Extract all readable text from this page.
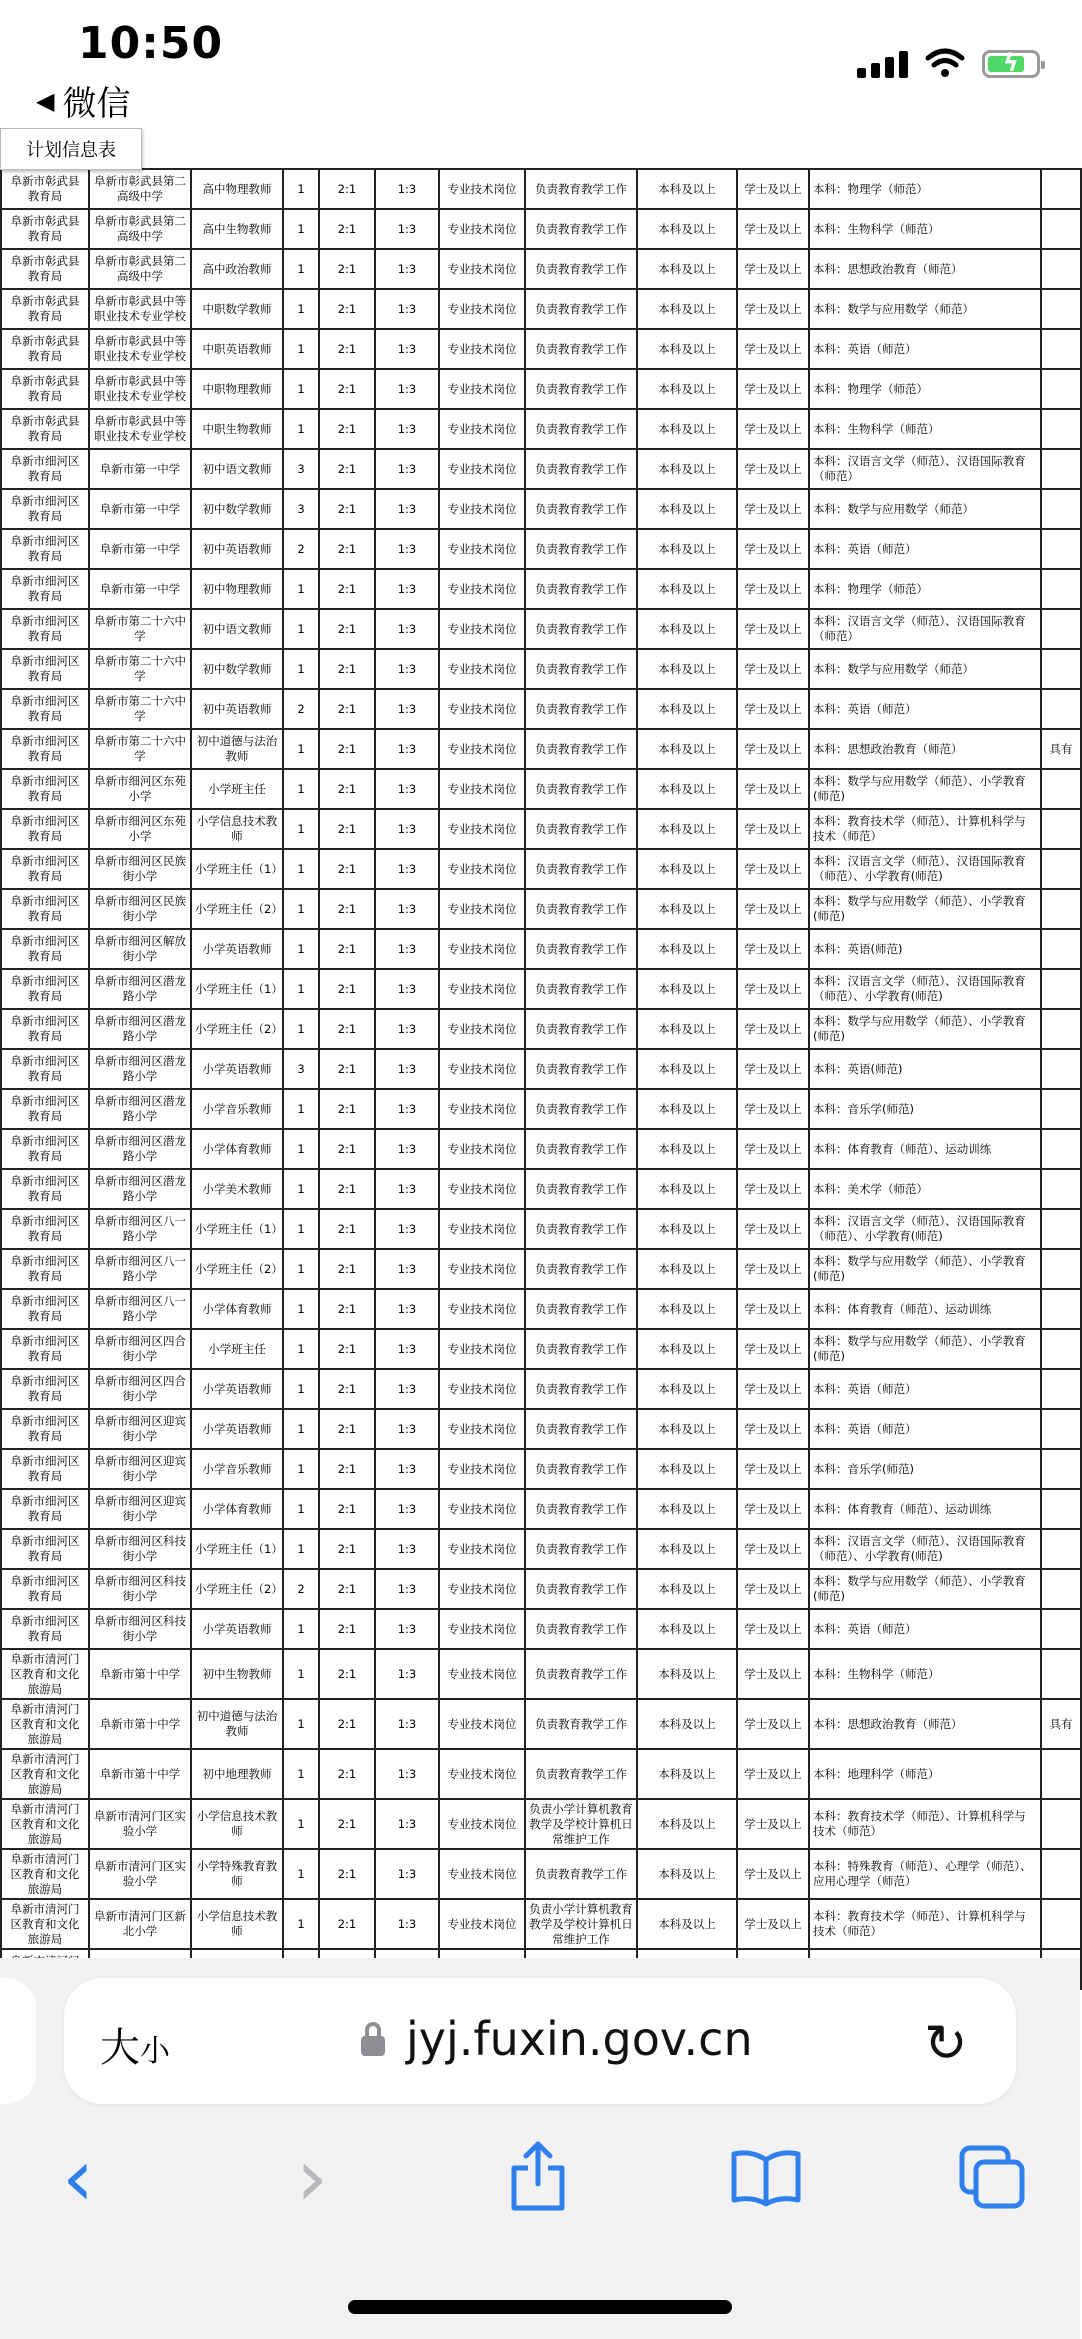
10:50
◀ 微信
ϟ
计划信息表
	阜新市彰武县教育局	阜新市彰武县第二高级中学	高中物理教师	1	2:1	1:3	专业技术岗位	负责教育教学工作	本科及以上	学士及以上	本科：物理学（师范）	
	阜新市彰武县教育局	阜新市彰武县第二高级中学	高中生物教师	1	2:1	1:3	专业技术岗位	负责教育教学工作	本科及以上	学士及以上	本科：生物科学（师范）	
	阜新市彰武县教育局	阜新市彰武县第二高级中学	高中政治教师	1	2:1	1:3	专业技术岗位	负责教育教学工作	本科及以上	学士及以上	本科：思想政治教育（师范）	
	阜新市彰武县教育局	阜新市彰武县中等职业技术专业学校	中职数学教师	1	2:1	1:3	专业技术岗位	负责教育教学工作	本科及以上	学士及以上	本科：数学与应用数学（师范）	
	阜新市彰武县教育局	阜新市彰武县中等职业技术专业学校	中职英语教师	1	2:1	1:3	专业技术岗位	负责教育教学工作	本科及以上	学士及以上	本科：英语（师范）	
	阜新市彰武县教育局	阜新市彰武县中等职业技术专业学校	中职物理教师	1	2:1	1:3	专业技术岗位	负责教育教学工作	本科及以上	学士及以上	本科：物理学（师范）	
	阜新市彰武县教育局	阜新市彰武县中等职业技术专业学校	中职生物教师	1	2:1	1:3	专业技术岗位	负责教育教学工作	本科及以上	学士及以上	本科：生物科学（师范）	
	阜新市细河区教育局	阜新市第一中学	初中语文教师	3	2:1	1:3	专业技术岗位	负责教育教学工作	本科及以上	学士及以上	本科：汉语言文学（师范）、汉语国际教育（师范）	
	阜新市细河区教育局	阜新市第一中学	初中数学教师	3	2:1	1:3	专业技术岗位	负责教育教学工作	本科及以上	学士及以上	本科：数学与应用数学（师范）	
	阜新市细河区教育局	阜新市第一中学	初中英语教师	2	2:1	1:3	专业技术岗位	负责教育教学工作	本科及以上	学士及以上	本科：英语（师范）	
	阜新市细河区教育局	阜新市第一中学	初中物理教师	1	2:1	1:3	专业技术岗位	负责教育教学工作	本科及以上	学士及以上	本科：物理学（师范）	
	阜新市细河区教育局	阜新市第二十六中学	初中语文教师	1	2:1	1:3	专业技术岗位	负责教育教学工作	本科及以上	学士及以上	本科：汉语言文学（师范）、汉语国际教育（师范）	
	阜新市细河区教育局	阜新市第二十六中学	初中数学教师	1	2:1	1:3	专业技术岗位	负责教育教学工作	本科及以上	学士及以上	本科：数学与应用数学（师范）	
	阜新市细河区教育局	阜新市第二十六中学	初中英语教师	2	2:1	1:3	专业技术岗位	负责教育教学工作	本科及以上	学士及以上	本科：英语（师范）	
	阜新市细河区教育局	阜新市第二十六中学	初中道德与法治教师	1	2:1	1:3	专业技术岗位	负责教育教学工作	本科及以上	学士及以上	本科：思想政治教育（师范）	具有
	阜新市细河区教育局	阜新市细河区东苑小学	小学班主任	1	2:1	1:3	专业技术岗位	负责教育教学工作	本科及以上	学士及以上	本科：数学与应用数学（师范）、小学教育(师范)	
	阜新市细河区教育局	阜新市细河区东苑小学	小学信息技术教师	1	2:1	1:3	专业技术岗位	负责教育教学工作	本科及以上	学士及以上	本科：教育技术学（师范）、计算机科学与技术（师范）	
	阜新市细河区教育局	阜新市细河区民族街小学	小学班主任（1）	1	2:1	1:3	专业技术岗位	负责教育教学工作	本科及以上	学士及以上	本科：汉语言文学（师范）、汉语国际教育（师范）、小学教育(师范)	
	阜新市细河区教育局	阜新市细河区民族街小学	小学班主任（2）	1	2:1	1:3	专业技术岗位	负责教育教学工作	本科及以上	学士及以上	本科：数学与应用数学（师范）、小学教育(师范)	
	阜新市细河区教育局	阜新市细河区解放街小学	小学英语教师	1	2:1	1:3	专业技术岗位	负责教育教学工作	本科及以上	学士及以上	本科：英语(师范)	
	阜新市细河区教育局	阜新市细河区潜龙路小学	小学班主任（1）	1	2:1	1:3	专业技术岗位	负责教育教学工作	本科及以上	学士及以上	本科：汉语言文学（师范）、汉语国际教育（师范）、小学教育(师范)	
	阜新市细河区教育局	阜新市细河区潜龙路小学	小学班主任（2）	1	2:1	1:3	专业技术岗位	负责教育教学工作	本科及以上	学士及以上	本科：数学与应用数学（师范）、小学教育(师范)	
	阜新市细河区教育局	阜新市细河区潜龙路小学	小学英语教师	3	2:1	1:3	专业技术岗位	负责教育教学工作	本科及以上	学士及以上	本科：英语(师范)	
	阜新市细河区教育局	阜新市细河区潜龙路小学	小学音乐教师	1	2:1	1:3	专业技术岗位	负责教育教学工作	本科及以上	学士及以上	本科：音乐学(师范)	
	阜新市细河区教育局	阜新市细河区潜龙路小学	小学体育教师	1	2:1	1:3	专业技术岗位	负责教育教学工作	本科及以上	学士及以上	本科：体育教育（师范）、运动训练	
	阜新市细河区教育局	阜新市细河区潜龙路小学	小学美术教师	1	2:1	1:3	专业技术岗位	负责教育教学工作	本科及以上	学士及以上	本科：美术学（师范）	
	阜新市细河区教育局	阜新市细河区八一路小学	小学班主任（1）	1	2:1	1:3	专业技术岗位	负责教育教学工作	本科及以上	学士及以上	本科：汉语言文学（师范）、汉语国际教育（师范）、小学教育(师范)	
	阜新市细河区教育局	阜新市细河区八一路小学	小学班主任（2）	1	2:1	1:3	专业技术岗位	负责教育教学工作	本科及以上	学士及以上	本科：数学与应用数学（师范）、小学教育(师范)	
	阜新市细河区教育局	阜新市细河区八一路小学	小学体育教师	1	2:1	1:3	专业技术岗位	负责教育教学工作	本科及以上	学士及以上	本科：体育教育（师范）、运动训练	
	阜新市细河区教育局	阜新市细河区四合街小学	小学班主任	1	2:1	1:3	专业技术岗位	负责教育教学工作	本科及以上	学士及以上	本科：数学与应用数学（师范）、小学教育(师范)	
	阜新市细河区教育局	阜新市细河区四合街小学	小学英语教师	1	2:1	1:3	专业技术岗位	负责教育教学工作	本科及以上	学士及以上	本科：英语（师范）	
	阜新市细河区教育局	阜新市细河区迎宾街小学	小学英语教师	1	2:1	1:3	专业技术岗位	负责教育教学工作	本科及以上	学士及以上	本科：英语（师范）	
	阜新市细河区教育局	阜新市细河区迎宾街小学	小学音乐教师	1	2:1	1:3	专业技术岗位	负责教育教学工作	本科及以上	学士及以上	本科：音乐学(师范)	
	阜新市细河区教育局	阜新市细河区迎宾街小学	小学体育教师	1	2:1	1:3	专业技术岗位	负责教育教学工作	本科及以上	学士及以上	本科：体育教育（师范）、运动训练	
	阜新市细河区教育局	阜新市细河区科技街小学	小学班主任（1）	1	2:1	1:3	专业技术岗位	负责教育教学工作	本科及以上	学士及以上	本科：汉语言文学（师范）、汉语国际教育（师范）、小学教育(师范)	
	阜新市细河区教育局	阜新市细河区科技街小学	小学班主任（2）	2	2:1	1:3	专业技术岗位	负责教育教学工作	本科及以上	学士及以上	本科：数学与应用数学（师范）、小学教育(师范)	
	阜新市细河区教育局	阜新市细河区科技街小学	小学英语教师	1	2:1	1:3	专业技术岗位	负责教育教学工作	本科及以上	学士及以上	本科：英语（师范）	
	阜新市清河门区教育和文化旅游局	阜新市第十中学	初中生物教师	1	2:1	1:3	专业技术岗位	负责教育教学工作	本科及以上	学士及以上	本科：生物科学（师范）	
	阜新市清河门区教育和文化旅游局	阜新市第十中学	初中道德与法治教师	1	2:1	1:3	专业技术岗位	负责教育教学工作	本科及以上	学士及以上	本科：思想政治教育（师范）	具有
	阜新市清河门区教育和文化旅游局	阜新市第十中学	初中地理教师	1	2:1	1:3	专业技术岗位	负责教育教学工作	本科及以上	学士及以上	本科：地理科学（师范）	
	阜新市清河门区教育和文化旅游局	阜新市清河门区实验小学	小学信息技术教师	1	2:1	1:3	专业技术岗位	负责小学计算机教育教学及学校计算机日常维护工作	本科及以上	学士及以上	本科：教育技术学（师范）、计算机科学与技术（师范）	
	阜新市清河门区教育和文化旅游局	阜新市清河门区实验小学	小学特殊教育教师	1	2:1	1:3	专业技术岗位	负责教育教学工作	本科及以上	学士及以上	本科：特殊教育（师范）、心理学（师范）、应用心理学（师范）	
	阜新市清河门区教育和文化旅游局	阜新市清河门区新北小学	小学信息技术教师	1	2:1	1:3	专业技术岗位	负责小学计算机教育教学及学校计算机日常维护工作	本科及以上	学士及以上	本科：教育技术学（师范）、计算机科学与技术（师范）	

大小	jyj.fuxin.gov.cn	↻
‹	›
